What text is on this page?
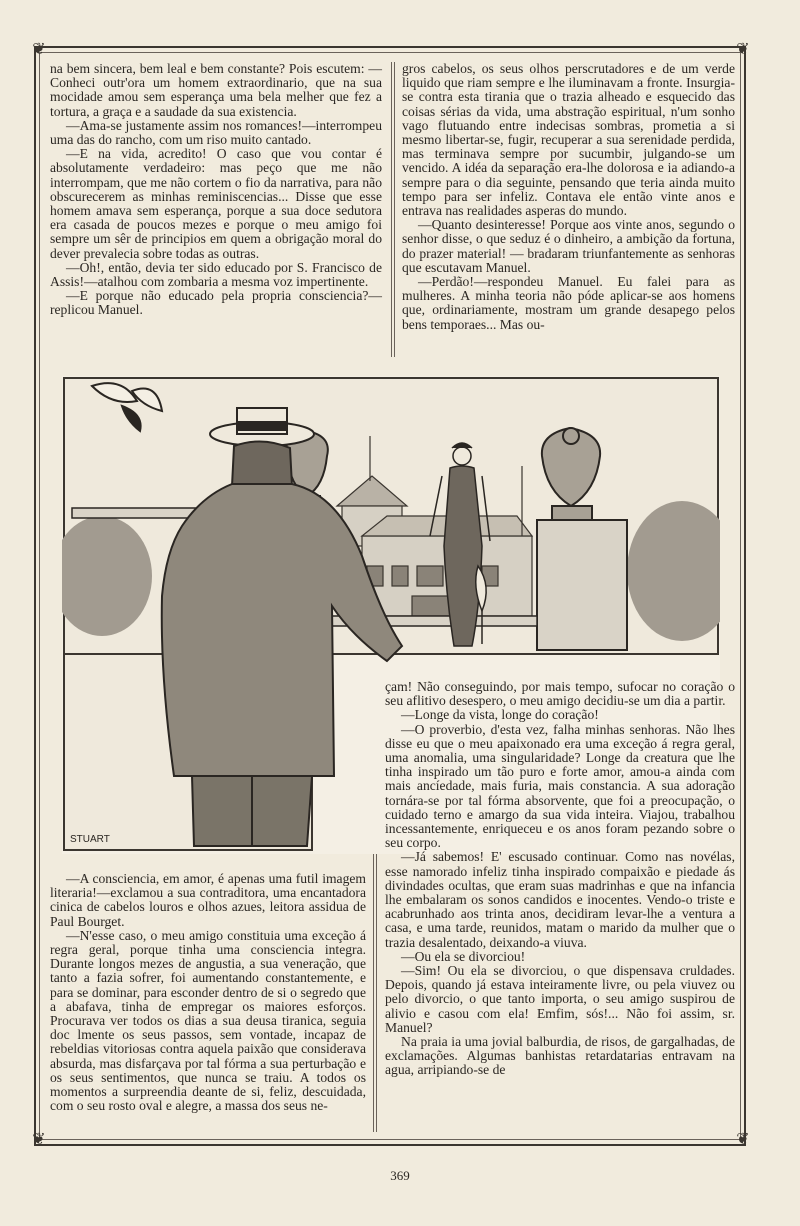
❦	❦
❦	❦

na bem sincera, bem leal e bem constante? Pois escutem: — Conheci outr'ora um homem extraordinario, que na sua mocidade amou sem esperança uma bela melher que fez a tortura, a graça e a saudade da sua existencia.

—Ama-se justamente assim nos romances!—interrompeu uma das do rancho, com um riso muito cantado.

—E na vida, acredito! O caso que vou contar é absolutamente verdadeiro: mas peço que me não interrompam, que me não cortem o fio da narrativa, para não obscurecerem as minhas reminiscencias... Disse que esse homem amava sem esperança, porque a sua doce sedutora era casada de poucos mezes e porque o meu amigo foi sempre um sêr de principios em quem a obrigação moral do dever prevalecia sobre todas as outras.

—Oh!, então, devia ter sido educado por S. Francisco de Assis!—atalhou com zombaria a mesma voz impertinente.

—E porque não educado pela propria consciencia?—replicou Manuel.

gros cabelos, os seus olhos perscrutadores e de um verde liquido que riam sempre e lhe iluminavam a fronte. Insurgia-se contra esta tirania que o trazia alheado e esquecido das coisas sérias da vida, uma abstração espiritual, n'um sonho vago flutuando entre indecisas sombras, prometia a si mesmo libertar-se, fugir, recuperar a sua serenidade perdida, mas terminava sempre por sucumbir, julgando-se um vencido. A idéa da separação era-lhe dolorosa e ia adiando-a sempre para o dia seguinte, pensando que teria ainda muito tempo para ser infeliz. Contava ele então vinte anos e entrava nas realidades asperas do mundo.

—Quanto desinteresse! Porque aos vinte anos, segundo o senhor disse, o que seduz é o dinheiro, a ambição da fortuna, do prazer material! — bradaram triunfantemente as senhoras que escutavam Manuel.

—Perdão!—respondeu Manuel. Eu falei para as mulheres. A minha teoria não póde aplicar-se aos homens que, ordinariamente, mostram um grande desapego pelos bens temporaes... Mas ou-

STUART

çam! Não conseguindo, por mais tempo, sufocar no coração o seu aflitivo desespero, o meu amigo decidiu-se um dia a partir.

—Longe da vista, longe do coração!

—O proverbio, d'esta vez, falha minhas senhoras. Não lhes disse eu que o meu apaixonado era uma exceção á regra geral, uma anomalia, uma singularidade? Longe da creatura que lhe tinha inspirado um tão puro e forte amor, amou-a ainda com mais ancíedade, mais furia, mais constancia. A sua adoração tornára-se por tal fórma absorvente, que foi a preocupação, o cuidado terno e amargo da sua vida inteira. Viajou, trabalhou incessantemente, enriqueceu e os anos foram pezando sobre o seu corpo.

—Já sabemos! E' escusado continuar. Como nas novélas, esse namorado infeliz tinha inspirado compaixão e piedade ás divindades ocultas, que eram suas madrinhas e que na infancia lhe embalaram os sonos candidos e inocentes. Vendo-o triste e acabrunhado aos trinta anos, decidiram levar-lhe a ventura a casa, e uma tarde, reunidos, matam o marido da mulher que o trazia desalentado, deixando-a viuva.

—Ou ela se divorciou!

—Sim! Ou ela se divorciou, o que dispensava cruldades. Depois, quando já estava inteiramente livre, ou pela viuvez ou pelo divorcio, o que tanto importa, o seu amigo suspirou de alivio e casou com ela! Emfim, sós!... Não foi assim, sr. Manuel?

Na praia ia uma jovial balburdia, de risos, de gargalhadas, de exclamações. Algumas banhistas retardatarias entravam na agua, arripiando-se de

—A consciencia, em amor, é apenas uma futil imagem literaria!—exclamou a sua contraditora, uma encantadora cinica de cabelos louros e olhos azues, leitora assidua de Paul Bourget.

—N'esse caso, o meu amigo constituia uma exceção á regra geral, porque tinha uma consciencia integra. Durante longos mezes de angustia, a sua veneração, que tanto a fazia sofrer, foi aumentando constantemente, e para se dominar, para esconder dentro de si o segredo que a abafava, tinha de empregar os maiores esforços. Procurava ver todos os dias a sua deusa tiranica, seguia doc lmente os seus passos, sem vontade, incapaz de rebeldias vitoriosas contra aquela paixão que considerava absurda, mas disfarçava por tal fórma a sua perturbação e os seus sentimentos, que nunca se traiu. A todos os momentos a surpreendia deante de si, feliz, descuidada, com o seu rosto oval e alegre, a massa dos seus ne-

369
